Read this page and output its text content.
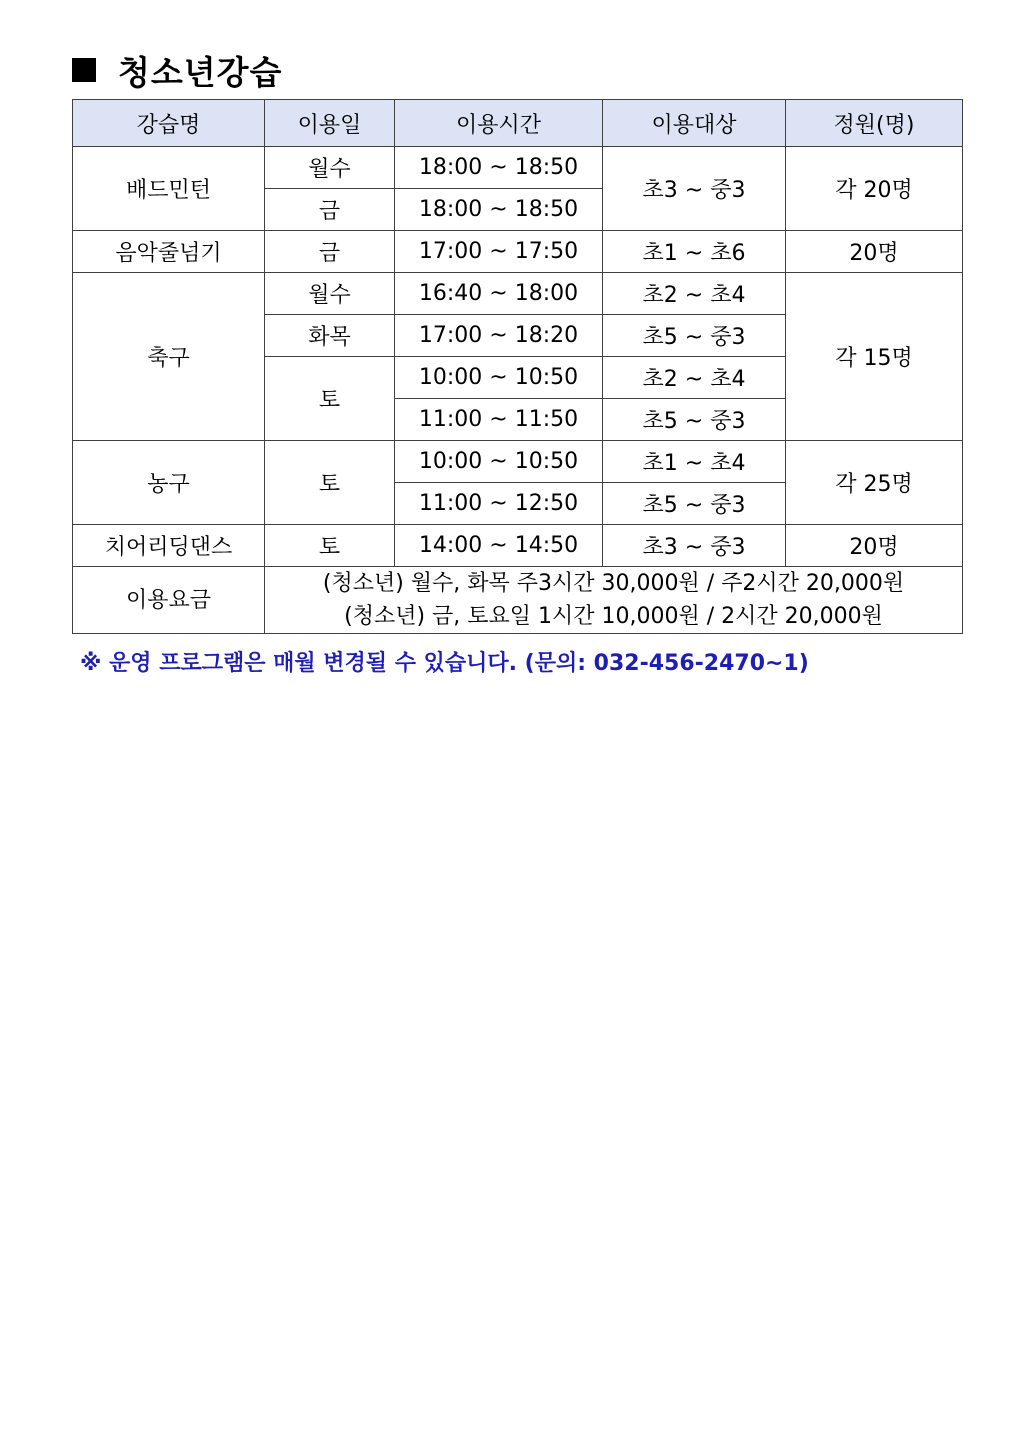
청소년강습
강습명	이용일	이용시간	이용대상	정원(명)
배드민턴	월수	18:00 ~ 18:50	초3 ~ 중3	각 20명
	금	18:00 ~ 18:50		
음악줄넘기	금	17:00 ~ 17:50	초1 ~ 초6	20명
축구	월수	16:40 ~ 18:00	초2 ~ 초4	각 15명
	화목	17:00 ~ 18:20	초5 ~ 중3	
	토	10:00 ~ 10:50	초2 ~ 초4	
		11:00 ~ 11:50	초5 ~ 중3	
농구	토	10:00 ~ 10:50	초1 ~ 초4	각 25명
		11:00 ~ 12:50	초5 ~ 중3	
치어리딩댄스	토	14:00 ~ 14:50	초3 ~ 중3	20명
이용요금	(청소년) 월수, 화목 주3시간 30,000원 / 주2시간 20,000원
(청소년) 금, 토요일 1시간 10,000원 / 2시간 20,000원			
※ 운영 프로그램은 매월 변경될 수 있습니다. (문의: 032-456-2470~1)
